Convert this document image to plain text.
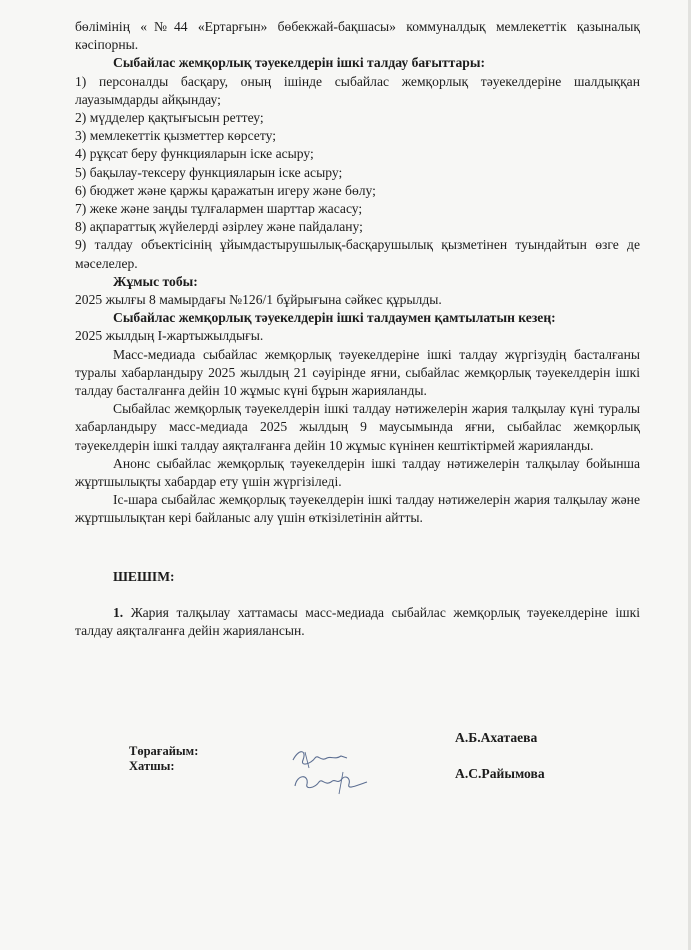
бөлімінің «№44 «Ертарғын» бөбекжай-бақшасы» коммуналдық мемлекеттік қазыналық кәсіпорны.

Сыбайлас жемқорлық тәуекелдерін ішкі талдау бағыттары:

1) персоналды басқару, оның ішінде сыбайлас жемқорлық тәуекелдеріне шалдыққан лауазымдарды айқындау;

2) мүдделер қақтығысын реттеу;

3) мемлекеттік қызметтер көрсету;

4) рұқсат беру функцияларын іске асыру;

5) бақылау-тексеру функцияларын іске асыру;

6) бюджет және қаржы қаражатын игеру және бөлу;

7) жеке және заңды тұлғалармен шарттар жасасу;

8) ақпараттық жүйелерді әзірлеу және пайдалану;

9) талдау объектісінің ұйымдастырушылық-басқарушылық қызметінен туындайтын өзге де мәселелер.

Жұмыс тобы:

2025 жылғы 8 мамырдағы №126/1 бұйрығына сәйкес құрылды.

Сыбайлас жемқорлық тәуекелдерін ішкі талдаумен қамтылатын кезең:

2025 жылдың І-жартыжылдығы.

Масс-медиада сыбайлас жемқорлық тәуекелдеріне ішкі талдау жүргізудің басталғаны туралы хабарландыру 2025 жылдың 21 сәуірінде яғни, сыбайлас жемқорлық тәуекелдерін ішкі талдау басталғанға дейін 10 жұмыс күні бұрын жарияланды.

Сыбайлас жемқорлық тәуекелдерін ішкі талдау нәтижелерін жария талқылау күні туралы хабарландыру масс-медиада 2025 жылдың 9 маусымында яғни, сыбайлас жемқорлық тәуекелдерін ішкі талдау аяқталғанға дейін 10 жұмыс күнінен кештіктірмей жарияланды.

Анонс сыбайлас жемқорлық тәуекелдерін ішкі талдау нәтижелерін талқылау бойынша жұртшылықты хабардар ету үшін жүргізіледі.

Іс-шара сыбайлас жемқорлық тәуекелдерін ішкі талдау нәтижелерін жария талқылау және жұртшылықтан кері байланыс алу үшін өткізілетінін айтты.

ШЕШІМ:

1. Жария талқылау хаттамасы масс-медиада сыбайлас жемқорлық тәуекелдеріне ішкі талдау аяқталғанға дейін жариялансын.

Төрағайым:
Хатшы:
А.Б.Ахатаева
А.С.Райымова
